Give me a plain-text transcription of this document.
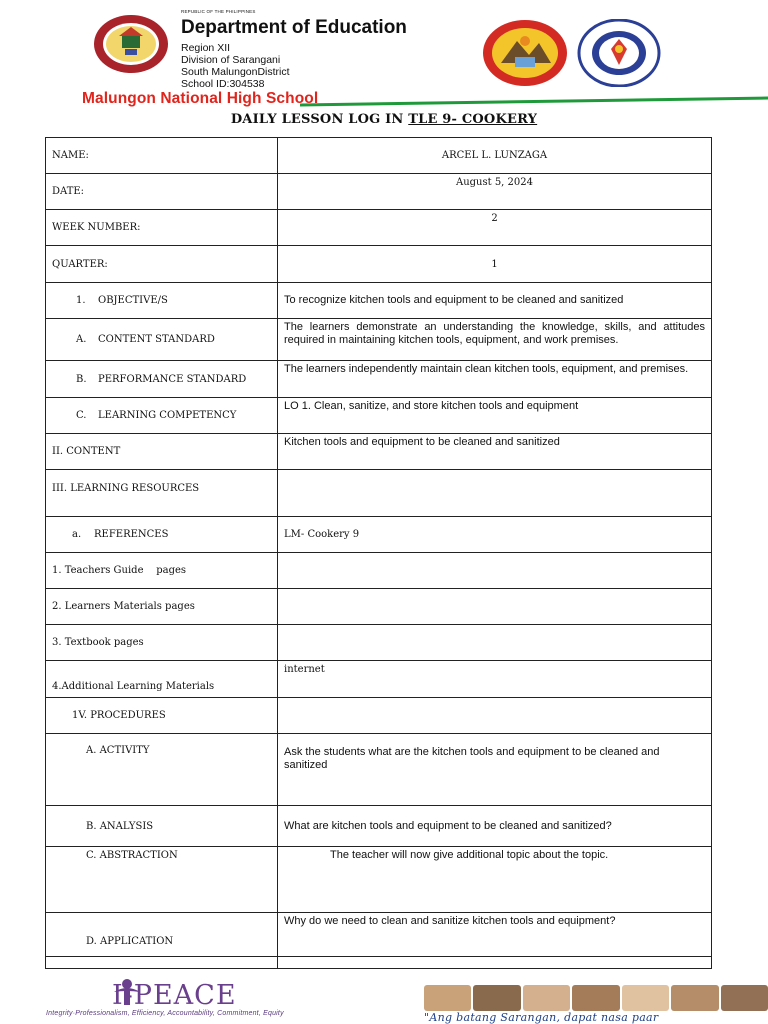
REPUBLIC OF THE PHILIPPINES
Department of Education
Region XII
Division of Sarangani
South MalungonDistrict
School ID:304538
Malungon National High School
DAILY LESSON LOG IN TLE 9- COOKERY
NAME:	ARCEL L. LUNZAGA
DATE:	August 5, 2024
WEEK NUMBER:	2
QUARTER:	1
1. OBJECTIVE/S	To recognize kitchen tools and equipment to be cleaned and sanitized
A. CONTENT STANDARD	The learners demonstrate an understanding the knowledge, skills, and attitudes required in maintaining kitchen tools, equipment, and work premises.
B. PERFORMANCE STANDARD	The learners independently maintain clean kitchen tools, equipment, and premises.
C. LEARNING COMPETENCY	LO 1. Clean, sanitize, and store kitchen tools and equipment
II. CONTENT	Kitchen tools and equipment to be cleaned and sanitized
III. LEARNING RESOURCES	
a. REFERENCES	LM- Cookery 9
1. Teachers Guide    pages	
2. Learners Materials pages	
3. Textbook pages	
4.Additional Learning Materials	internet
1V. PROCEDURES	
A. ACTIVITY	Ask the students what are the kitchen tools and equipment to be cleaned and sanitized
B. ANALYSIS	What are kitchen tools and equipment to be cleaned and sanitized?
C. ABSTRACTION	The teacher will now give additional topic about the topic.
D. APPLICATION	Why do we need to clean and sanitize kitchen tools and equipment?

I-PEACE
Integrity·Professionalism, Efficiency, Accountability, Commitment, Equity	"Ang batang Sarangan, dapat nasa paar
